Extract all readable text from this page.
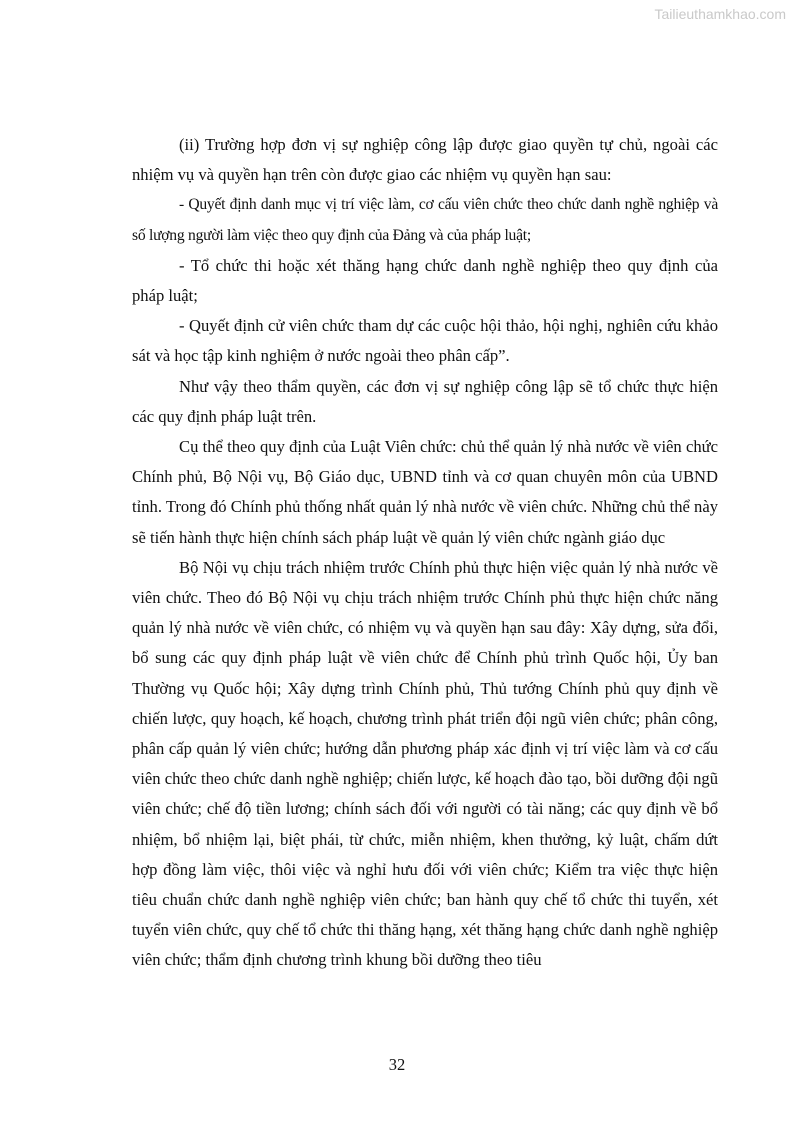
Tailieuthamkhao.com

(ii) Trường hợp đơn vị sự nghiệp công lập được giao quyền tự chủ, ngoài các nhiệm vụ và quyền hạn trên còn được giao các nhiệm vụ quyền hạn sau:

- Quyết định danh mục vị trí việc làm, cơ cấu viên chức theo chức danh nghề nghiệp và số lượng người làm việc theo quy định của Đảng và của pháp luật;

- Tổ chức thi hoặc xét thăng hạng chức danh nghề nghiệp theo quy định của pháp luật;

- Quyết định cử viên chức tham dự các cuộc hội thảo, hội nghị, nghiên cứu khảo sát và học tập kinh nghiệm ở nước ngoài theo phân cấp”.

Như vậy theo thẩm quyền, các đơn vị sự nghiệp công lập sẽ tổ chức thực hiện các quy định pháp luật trên.

Cụ thể theo quy định của Luật Viên chức: chủ thể quản lý nhà nước về viên chức Chính phủ, Bộ Nội vụ, Bộ Giáo dục, UBND tỉnh và cơ quan chuyên môn của UBND tỉnh. Trong đó Chính phủ thống nhất quản lý nhà nước về viên chức. Những chủ thể này sẽ tiến hành thực hiện chính sách pháp luật về quản lý viên chức ngành giáo dục

Bộ Nội vụ chịu trách nhiệm trước Chính phủ thực hiện việc quản lý nhà nước về viên chức. Theo đó Bộ Nội vụ chịu trách nhiệm trước Chính phủ thực hiện chức năng quản lý nhà nước về viên chức, có nhiệm vụ và quyền hạn sau đây: Xây dựng, sửa đổi, bổ sung các quy định pháp luật về viên chức để Chính phủ trình Quốc hội, Ủy ban Thường vụ Quốc hội; Xây dựng trình Chính phủ, Thủ tướng Chính phủ quy định về chiến lược, quy hoạch, kế hoạch, chương trình phát triển đội ngũ viên chức; phân công, phân cấp quản lý viên chức; hướng dẫn phương pháp xác định vị trí việc làm và cơ cấu viên chức theo chức danh nghề nghiệp; chiến lược, kế hoạch đào tạo, bồi dưỡng đội ngũ viên chức; chế độ tiền lương; chính sách đối với người có tài năng; các quy định về bổ nhiệm, bổ nhiệm lại, biệt phái, từ chức, miễn nhiệm, khen thưởng, kỷ luật, chấm dứt hợp đồng làm việc, thôi việc và nghỉ hưu đối với viên chức; Kiểm tra việc thực hiện tiêu chuẩn chức danh nghề nghiệp viên chức; ban hành quy chế tổ chức thi tuyển, xét tuyển viên chức, quy chế tổ chức thi thăng hạng, xét thăng hạng chức danh nghề nghiệp viên chức; thẩm định chương trình khung bồi dưỡng theo tiêu

32
